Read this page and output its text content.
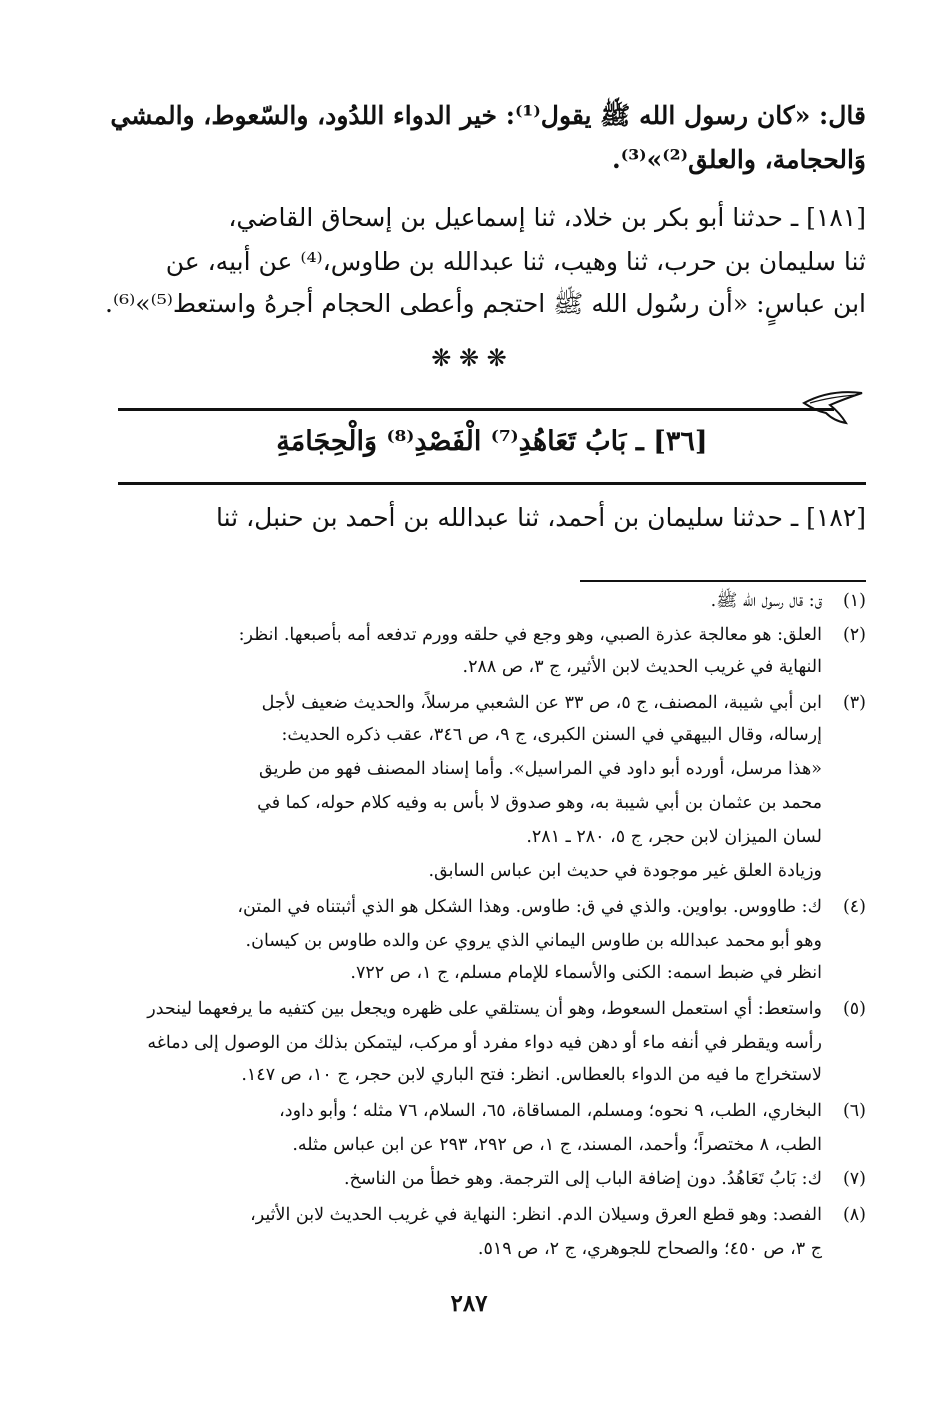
قال: «كان رسول الله ﷺ يقول⁽¹⁾: خير الدواء اللدُود، والسّعوط، والمشي
وَالحجامة، والعلق⁽²⁾»⁽³⁾.
[١٨١] ـ حدثنا أبو بكر بن خلاد، ثنا إسماعيل بن إسحاق القاضي،
ثنا سليمان بن حرب، ثنا وهيب، ثنا عبدالله بن طاوس،⁽⁴⁾ عن أبيه، عن
ابن عباسٍ: «أن رسُول الله ﷺ احتجم وأعطى الحجام أجرهُ واستعط⁽⁵⁾»⁽⁶⁾.
❋ ❋ ❋
[٣٦] ـ بَابُ تَعَاهُدِ⁽⁷⁾ الْفَصْدِ⁽⁸⁾ وَالْحِجَامَةِ
[١٨٢] ـ حدثنا سليمان بن أحمد، ثنا عبدالله بن أحمد بن حنبل، ثنا
(١)
ق: قال رسول الله ﷺ.
(٢)
العلق: هو معالجة عذرة الصبي، وهو وجع في حلقه وورم تدفعه أمه بأصبعها. انظر:
النهاية في غريب الحديث لابن الأثير، ج ٣، ص ٢٨٨.
(٣)
ابن أبي شيبة، المصنف، ج ٥، ص ٣٣ عن الشعبي مرسلاً، والحديث ضعيف لأجل
إرساله، وقال البيهقي في السنن الكبرى، ج ٩، ص ٣٤٦، عقب ذكره الحديث:
«هذا مرسل، أورده أبو داود في المراسيل». وأما إسناد المصنف فهو من طريق
محمد بن عثمان بن أبي شيبة به، وهو صدوق لا بأس به وفيه كلام حوله، كما في
لسان الميزان لابن حجر، ج ٥، ٢٨٠ ـ ٢٨١.
وزيادة العلق غير موجودة في حديث ابن عباس السابق.
(٤)
ك: طاووس. بواوين. والذي في ق: طاوس. وهذا الشكل هو الذي أثبتناه في المتن،
وهو أبو محمد عبدالله بن طاوس اليماني الذي يروي عن والده طاوس بن كيسان.
انظر في ضبط اسمه: الكنى والأسماء للإمام مسلم، ج ١، ص ٧٢٢.
(٥)
واستعط: أي استعمل السعوط، وهو أن يستلقي على ظهره ويجعل بين كتفيه ما يرفعهما لينحدر
رأسه ويقطر في أنفه ماء أو دهن فيه دواء مفرد أو مركب، ليتمكن بذلك من الوصول إلى دماغه
لاستخراج ما فيه من الدواء بالعطاس. انظر: فتح الباري لابن حجر، ج ١٠، ص ١٤٧.
(٦)
البخاري، الطب، ٩ نحوه؛ ومسلم، المساقاة، ٦٥، السلام، ٧٦ مثله ؛ وأبو داود،
الطب، ٨ مختصراً؛ وأحمد، المسند، ج ١، ص ٢٩٢، ٢٩٣ عن ابن عباس مثله.
(٧)
ك: بَابُ تَعَاهُدُ. دون إضافة الباب إلى الترجمة. وهو خطأ من الناسخ.
(٨)
الفصد: وهو قطع العرق وسيلان الدم. انظر: النهاية في غريب الحديث لابن الأثير،
ج ٣، ص ٤٥٠؛ والصحاح للجوهري، ج ٢، ص ٥١٩.
٢٨٧
